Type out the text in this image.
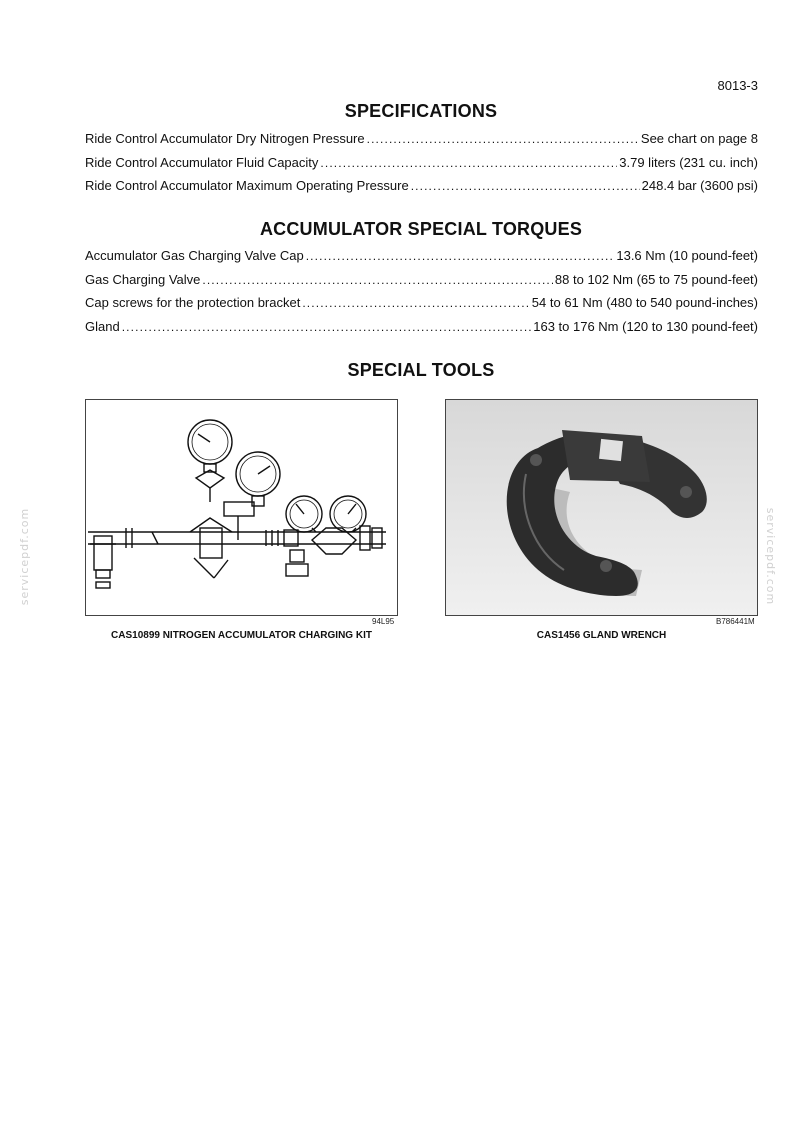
8013-3
SPECIFICATIONS
Ride Control Accumulator Dry Nitrogen Pressure . . .	See chart on page 8
Ride Control Accumulator Fluid Capacity . . .	3.79 liters (231 cu. inch)
Ride Control Accumulator Maximum Operating Pressure . . .	248.4 bar (3600 psi)
ACCUMULATOR SPECIAL TORQUES
Accumulator Gas Charging Valve Cap . . .	13.6 Nm (10 pound-feet)
Gas Charging Valve . . .	88 to 102 Nm (65 to 75 pound-feet)
Cap screws for the protection bracket . . .	54 to 61 Nm (480 to 540 pound-inches)
Gland . . .	163 to 176 Nm (120 to 130 pound-feet)
SPECIAL TOOLS
94L95
CAS10899 NITROGEN ACCUMULATOR CHARGING KIT
B786441M
CAS1456 GLAND WRENCH
servicepdf.com	servicepdf.com
